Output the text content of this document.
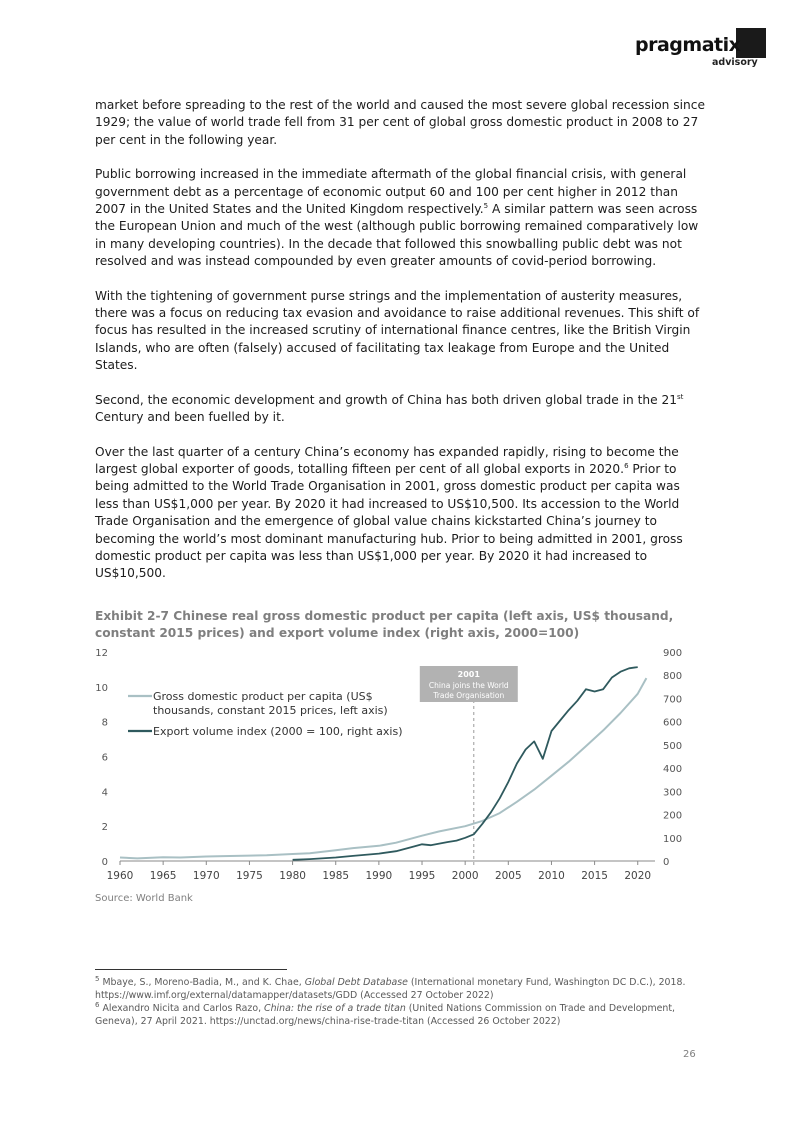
pragmatix
advisory

market before spreading to the rest of the world and caused the most severe global recession since 1929; the value of world trade fell from 31 per cent of global gross domestic product in 2008 to 27 per cent in the following year.

Public borrowing increased in the immediate aftermath of the global financial crisis, with general government debt as a percentage of economic output 60 and 100 per cent higher in 2012 than 2007 in the United States and the United Kingdom respectively.$^5$ A similar pattern was seen across the European Union and much of the west (although public borrowing remained comparatively low in many developing countries). In the decade that followed this snowballing public debt was not resolved and was instead compounded by even greater amounts of covid-period borrowing.

With the tightening of government purse strings and the implementation of austerity measures, there was a focus on reducing tax evasion and avoidance to raise additional revenues. This shift of focus has resulted in the increased scrutiny of international finance centres, like the British Virgin Islands, who are often (falsely) accused of facilitating tax leakage from Europe and the United States.

Second, the economic development and growth of China has both driven global trade in the 21st Century and been fuelled by it.

Over the last quarter of a century China’s economy has expanded rapidly, rising to become the largest global exporter of goods, totalling fifteen per cent of all global exports in 2020.$^6$ Prior to being admitted to the World Trade Organisation in 2001, gross domestic product per capita was less than US$1,000 per year. By 2020 it had increased to US$10,500. Its accession to the World Trade Organisation and the emergence of global value chains kickstarted China’s journey to becoming the world’s most dominant manufacturing hub. Prior to being admitted in 2001, gross domestic product per capita was less than US$1,000 per year. By 2020 it had increased to US$10,500.

Exhibit 2-7 Chinese real gross domestic product per capita (left axis, US$ thousand, constant 2015 prices) and export volume index (right axis, 2000=100)
1960 1965 1970 1975 1980 1985 1990 1995 2000 2005 2010 2015 2020
0
2
4
6
8
10
12
0
100
200
300
400
500
600
700
800
900
2001
China joins the World
Trade Organisation
Gross domestic product per capita (US$
thousands, constant 2015 prices, left axis)
Export volume index (2000 = 100, right axis)
Source: World Bank

$^5$ Mbaye, S., Moreno-Badia, M., and K. Chae, Global Debt Database (International monetary Fund, Washington DC D.C.), 2018. https://www.imf.org/external/datamapper/datasets/GDD (Accessed 27 October 2022)

$^6$ Alexandro Nicita and Carlos Razo, China: the rise of a trade titan (United Nations Commission on Trade and Development, Geneva), 27 April 2021. https://unctad.org/news/china-rise-trade-titan (Accessed 26 October 2022)

26
